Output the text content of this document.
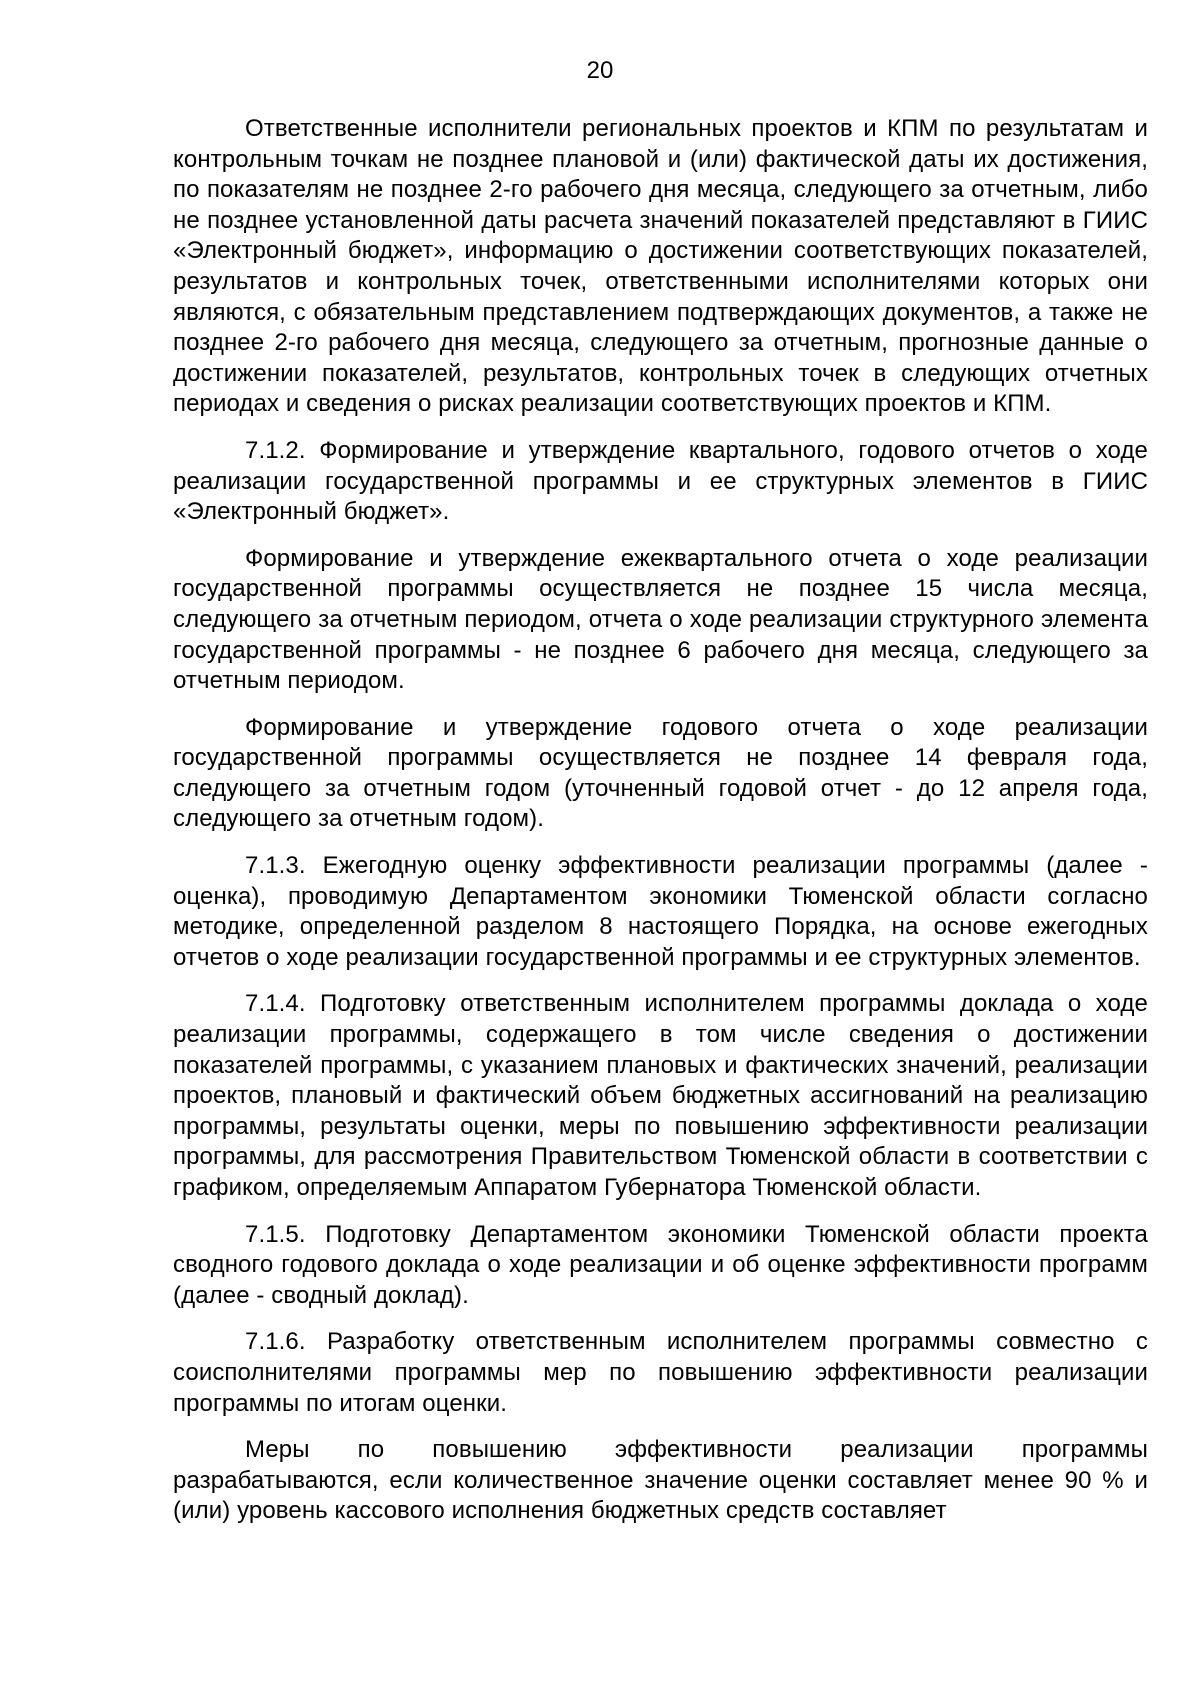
20

Ответственные исполнители региональных проектов и КПМ по результатам и контрольным точкам не позднее плановой и (или) фактической даты их достижения, по показателям не позднее 2-го рабочего дня месяца, следующего за отчетным, либо не позднее установленной даты расчета значений показателей представляют в ГИИС «Электронный бюджет», информацию о достижении соответствующих показателей, результатов и контрольных точек, ответственными исполнителями которых они являются, с обязательным представлением подтверждающих документов, а также не позднее 2-го рабочего дня месяца, следующего за отчетным, прогнозные данные о достижении показателей, результатов, контрольных точек в следующих отчетных периодах и сведения о рисках реализации соответствующих проектов и КПМ.

7.1.2. Формирование и утверждение квартального, годового отчетов о ходе реализации государственной программы и ее структурных элементов в ГИИС «Электронный бюджет».

Формирование и утверждение ежеквартального отчета о ходе реализации государственной программы осуществляется не позднее 15 числа месяца, следующего за отчетным периодом, отчета о ходе реализации структурного элемента государственной программы - не позднее 6 рабочего дня месяца, следующего за отчетным периодом.

Формирование и утверждение годового отчета о ходе реализации государственной программы осуществляется не позднее 14 февраля года, следующего за отчетным годом (уточненный годовой отчет - до 12 апреля года, следующего за отчетным годом).

7.1.3. Ежегодную оценку эффективности реализации программы (далее - оценка), проводимую Департаментом экономики Тюменской области согласно методике, определенной разделом 8 настоящего Порядка, на основе ежегодных отчетов о ходе реализации государственной программы и ее структурных элементов.

7.1.4. Подготовку ответственным исполнителем программы доклада о ходе реализации программы, содержащего в том числе сведения о достижении показателей программы, с указанием плановых и фактических значений, реализации проектов, плановый и фактический объем бюджетных ассигнований на реализацию программы, результаты оценки, меры по повышению эффективности реализации программы, для рассмотрения Правительством Тюменской области в соответствии с графиком, определяемым Аппаратом Губернатора Тюменской области.

7.1.5. Подготовку Департаментом экономики Тюменской области проекта сводного годового доклада о ходе реализации и об оценке эффективности программ (далее - сводный доклад).

7.1.6. Разработку ответственным исполнителем программы совместно с соисполнителями программы мер по повышению эффективности реализации программы по итогам оценки.

Меры по повышению эффективности реализации программы разрабатываются, если количественное значение оценки составляет менее 90 % и (или) уровень кассового исполнения бюджетных средств составляет
